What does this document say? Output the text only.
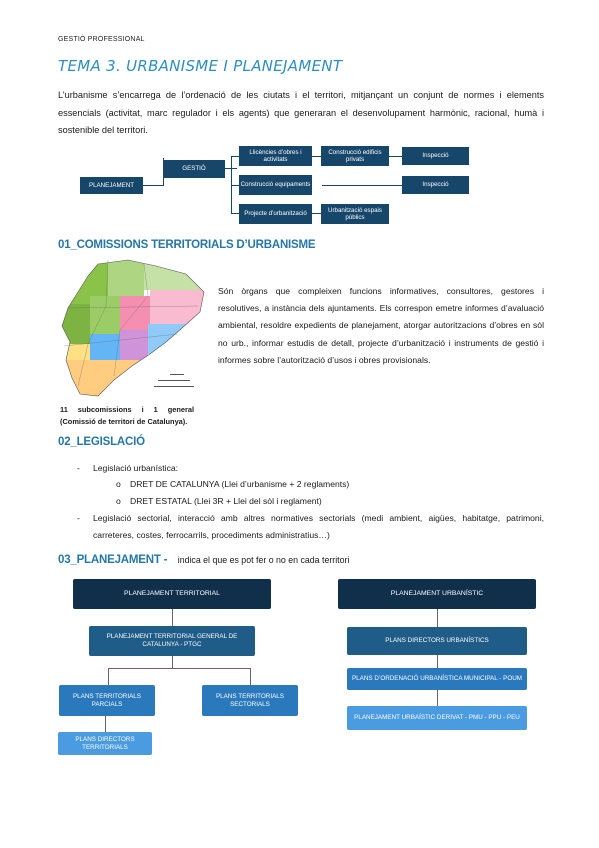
GESTIÓ PROFESSIONAL
TEMA 3. URBANISME I PLANEJAMENT
L’urbanisme s’encarrega de l’ordenació de les ciutats i el territori, mitjançant un conjunt de normes i elements essencials (activitat, marc regulador i els agents) que generaran el desenvolupament harmònic, racional, humà i sostenible del territori.
PLANEJAMENT
GESTIÓ
Llicències d’obres i activitats
Construcció edificis privats
Inspecció
Construcció equipaments	Inspecció
Projecte d’urbanització
Urbanització espais públics
01_COMISSIONS TERRITORIALS D’URBANISME
11 subcomissions i 1 general (Comissió de territori de Catalunya).
Són òrgans que compleixen funcions informatives, consultores, gestores i resolutives, a instància dels ajuntaments. Els correspon emetre informes d’avaluació ambiental, resoldre expedients de planejament, atorgar autoritzacions d’obres en sòl no urb., informar estudis de detall, projecte d’urbanització i instruments de gestió i informes sobre l’autorització d’usos i obres provisionals.
02_LEGISLACIÓ
- Legislació urbanística:
o DRET DE CATALUNYA (Llei d’urbanisme + 2 reglaments)
o DRET ESTATAL (Llei 3R + Llei del sòl i reglament)
- Legislació sectorial, interacció amb altres normatives sectorials (medi ambient, aigües, habitatge, patrimoni, carreteres, costes, ferrocarrils, procediments administratius…)
03_PLANEJAMENT - indica el que es pot fer o no en cada territori
PLANEJAMENT TERRITORIAL
PLANEJAMENT TERRITORIAL GENERAL DE CATALUNYA - PTGC
PLANS TERRITORIALS PARCIALS
PLANS TERRITORIALS SECTORIALS
PLANS DIRECTORS TERRITORIALS
PLANEJAMENT URBANÍSTIC
PLANS DIRECTORS URBANÍSTICS
PLANS D’ORDENACIÓ URBANÍSTICA MUNICIPAL - POUM
PLANEJAMENT URBAÍSTIC DERIVAT - PMU - PPU - PEU
